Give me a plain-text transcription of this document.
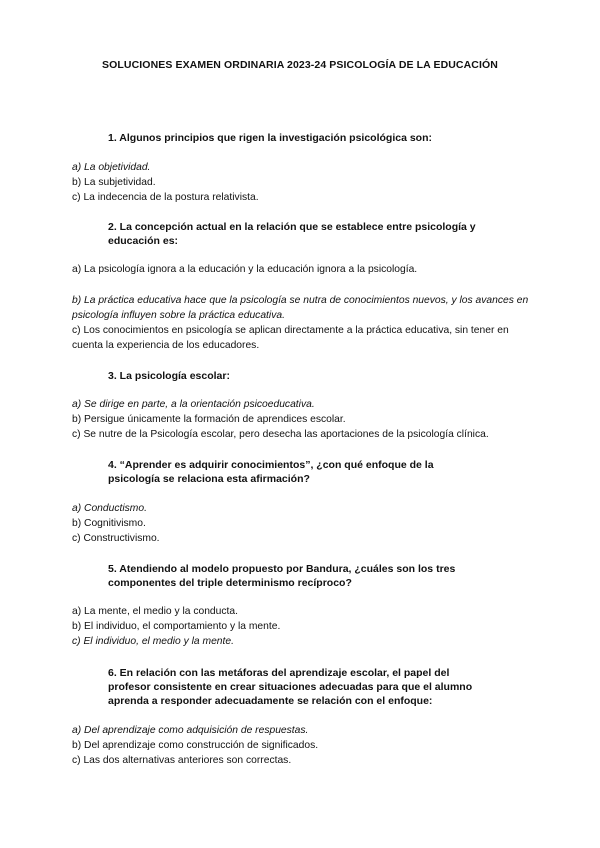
SOLUCIONES EXAMEN ORDINARIA 2023-24 PSICOLOGÍA DE LA EDUCACIÓN
1. Algunos principios que rigen la investigación psicológica son:

a) La objetividad.

b) La subjetividad.

c) La indecencia de la postura relativista.

2. La concepción actual en la relación que se establece entre psicología y educación es:

a) La psicología ignora a la educación y la educación ignora a la psicología.

b) La práctica educativa hace que la psicología se nutra de conocimientos nuevos, y los avances en psicología influyen sobre la práctica educativa.

c) Los conocimientos en psicología se aplican directamente a la práctica educativa, sin tener en cuenta la experiencia de los educadores.

3. La psicología escolar:

a) Se dirige en parte, a la orientación psicoeducativa.

b) Persigue únicamente la formación de aprendices escolar.

c) Se nutre de la Psicología escolar, pero desecha las aportaciones de la psicología clínica.

4. “Aprender es adquirir conocimientos”, ¿con qué enfoque de la psicología se relaciona esta afirmación?

a) Conductismo.

b) Cognitivismo.

c) Constructivismo.

5. Atendiendo al modelo propuesto por Bandura, ¿cuáles son los tres componentes del triple determinismo recíproco?

a) La mente, el medio y la conducta.

b) El individuo, el comportamiento y la mente.

c) El individuo, el medio y la mente.

6. En relación con las metáforas del aprendizaje escolar, el papel del profesor consistente en crear situaciones adecuadas para que el alumno aprenda a responder adecuadamente se relación con el enfoque:

a) Del aprendizaje como adquisición de respuestas.

b) Del aprendizaje como construcción de significados.

c) Las dos alternativas anteriores son correctas.
